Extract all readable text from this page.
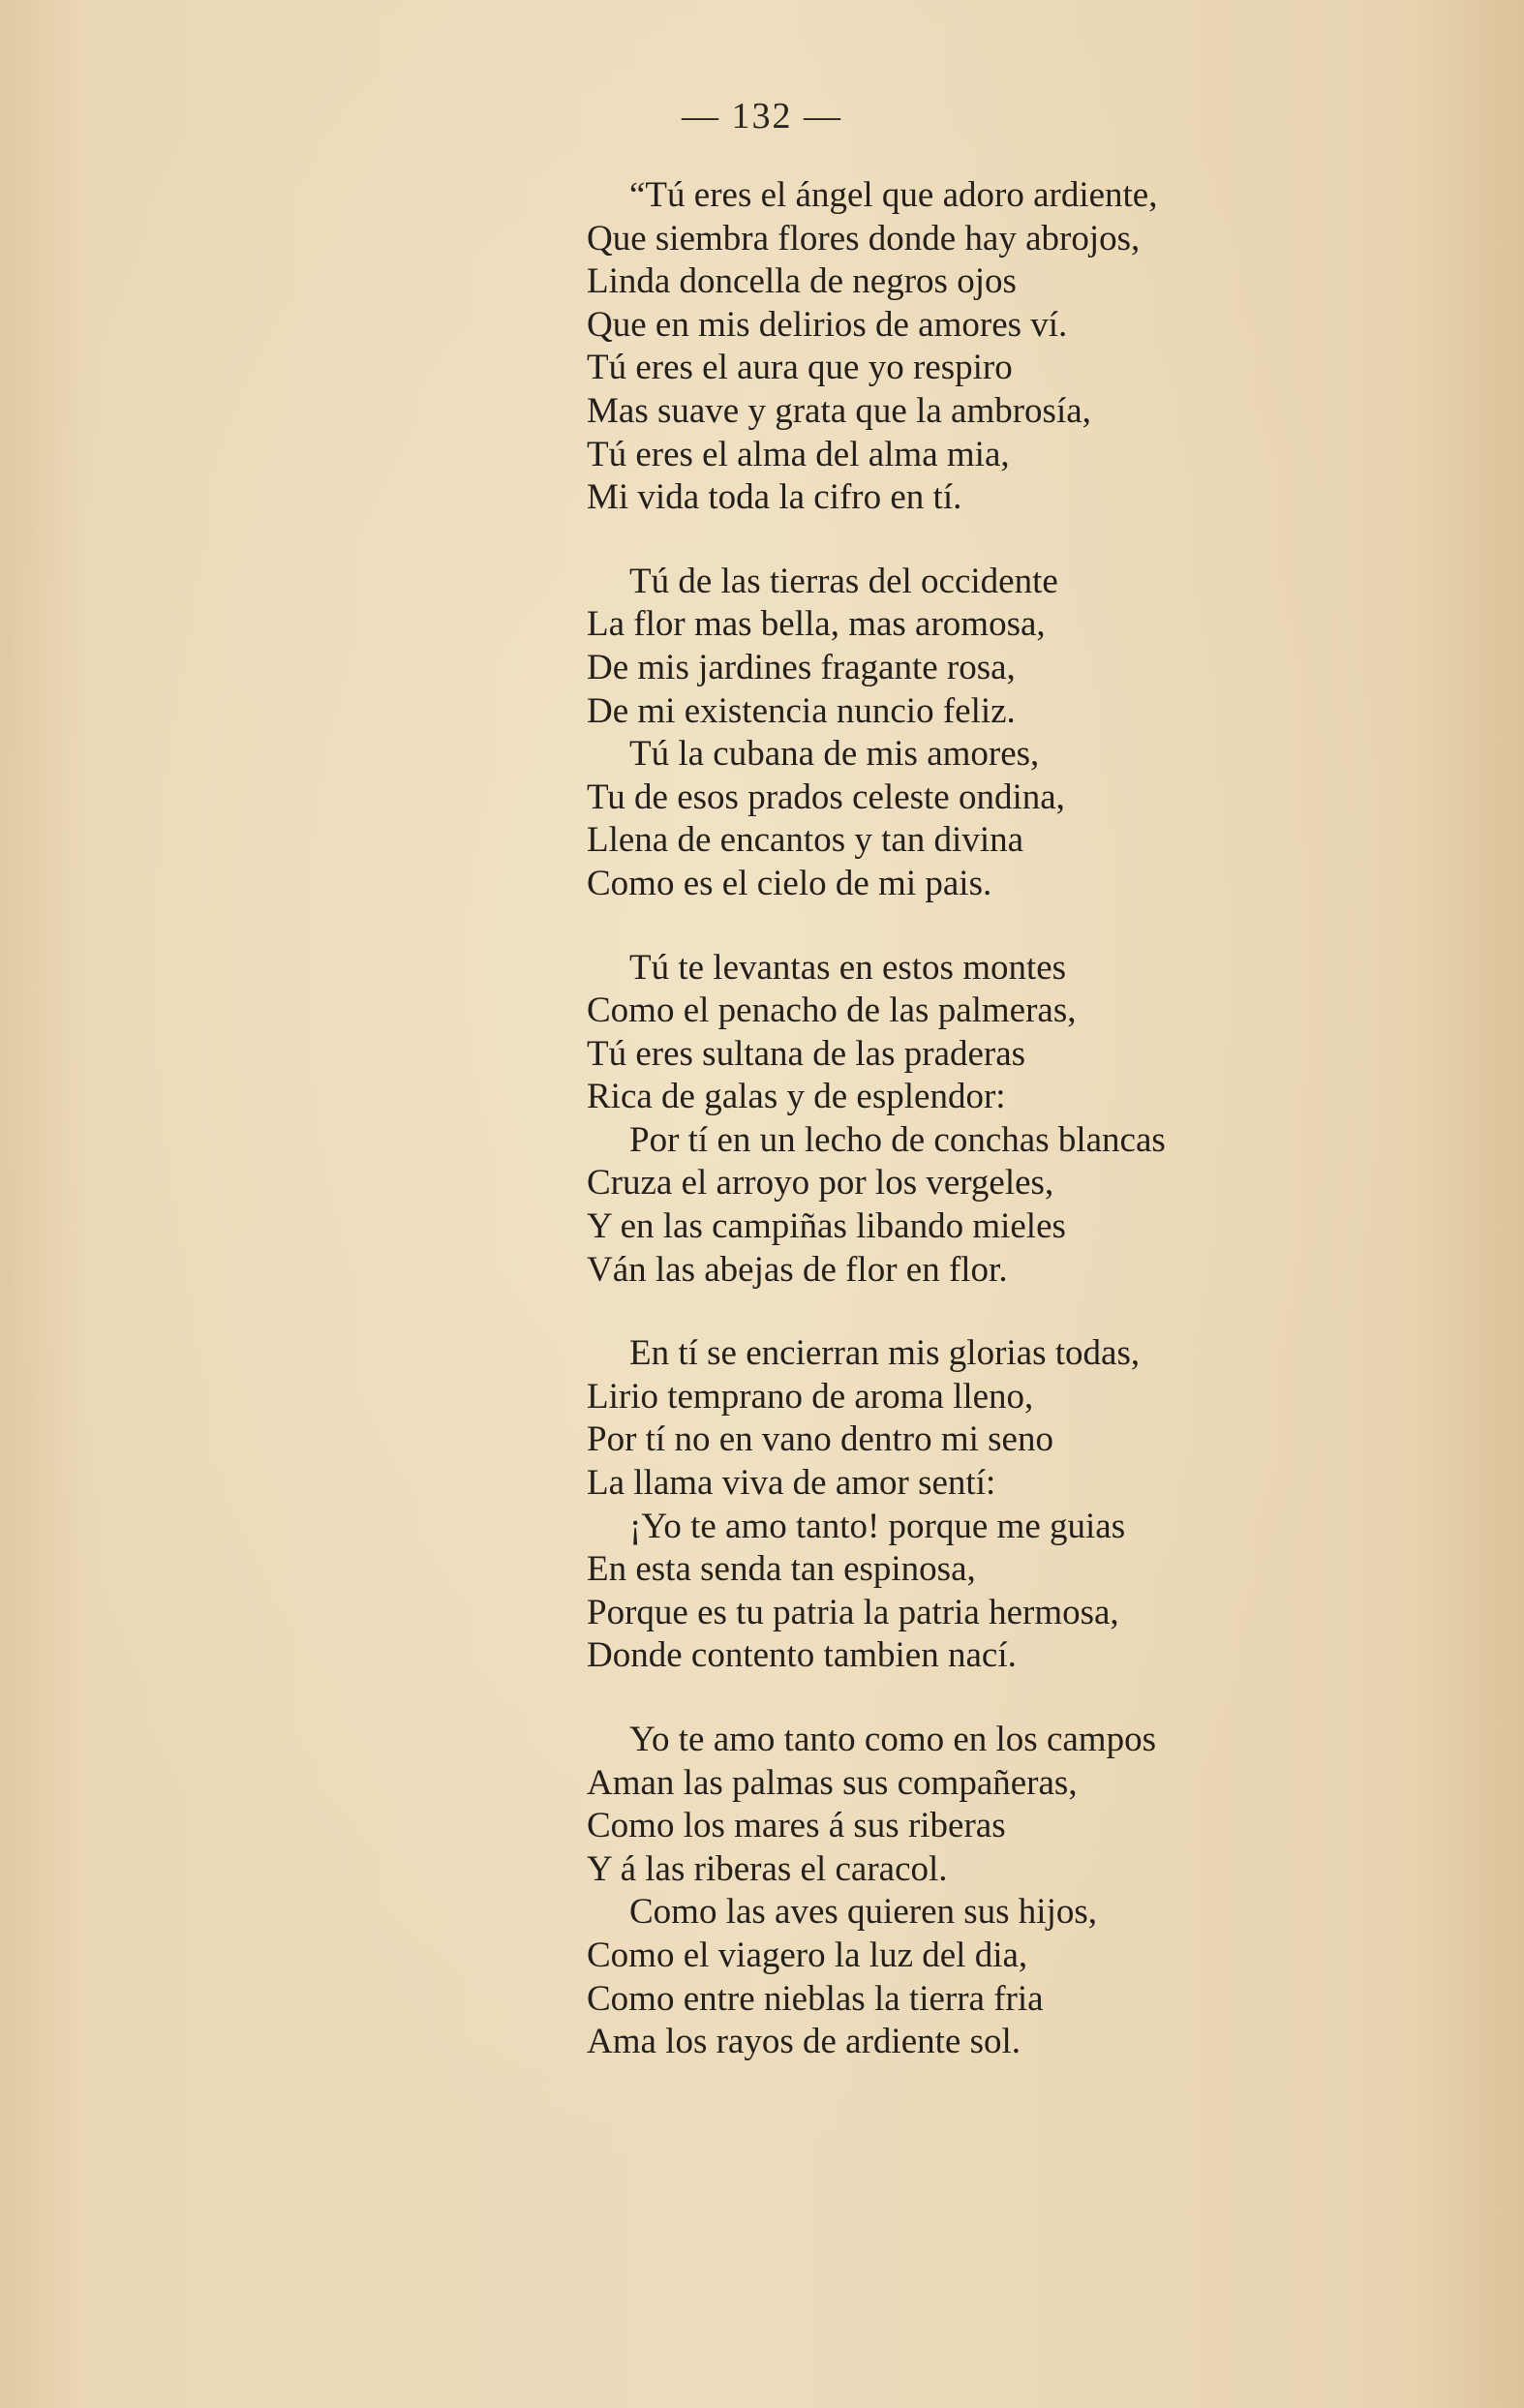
— 132 —
“Tú eres el ángel que adoro ardiente,
Que siembra flores donde hay abrojos,
Linda doncella de negros ojos
Que en mis delirios de amores ví.
Tú eres el aura que yo respiro
Mas suave y grata que la ambrosía,
Tú eres el alma del alma mia,
Mi vida toda la cifro en tí.
Tú de las tierras del occidente
La flor mas bella, mas aromosa,
De mis jardines fragante rosa,
De mi existencia nuncio feliz.
Tú la cubana de mis amores,
Tu de esos prados celeste ondina,
Llena de encantos y tan divina
Como es el cielo de mi pais.
Tú te levantas en estos montes
Como el penacho de las palmeras,
Tú eres sultana de las praderas
Rica de galas y de esplendor:
Por tí en un lecho de conchas blancas
Cruza el arroyo por los vergeles,
Y en las campiñas libando mieles
Ván las abejas de flor en flor.
En tí se encierran mis glorias todas,
Lirio temprano de aroma lleno,
Por tí no en vano dentro mi seno
La llama viva de amor sentí:
¡Yo te amo tanto! porque me guias
En esta senda tan espinosa,
Porque es tu patria la patria hermosa,
Donde contento tambien nací.
Yo te amo tanto como en los campos
Aman las palmas sus compañeras,
Como los mares á sus riberas
Y á las riberas el caracol.
Como las aves quieren sus hijos,
Como el viagero la luz del dia,
Como entre nieblas la tierra fria
Ama los rayos de ardiente sol.
